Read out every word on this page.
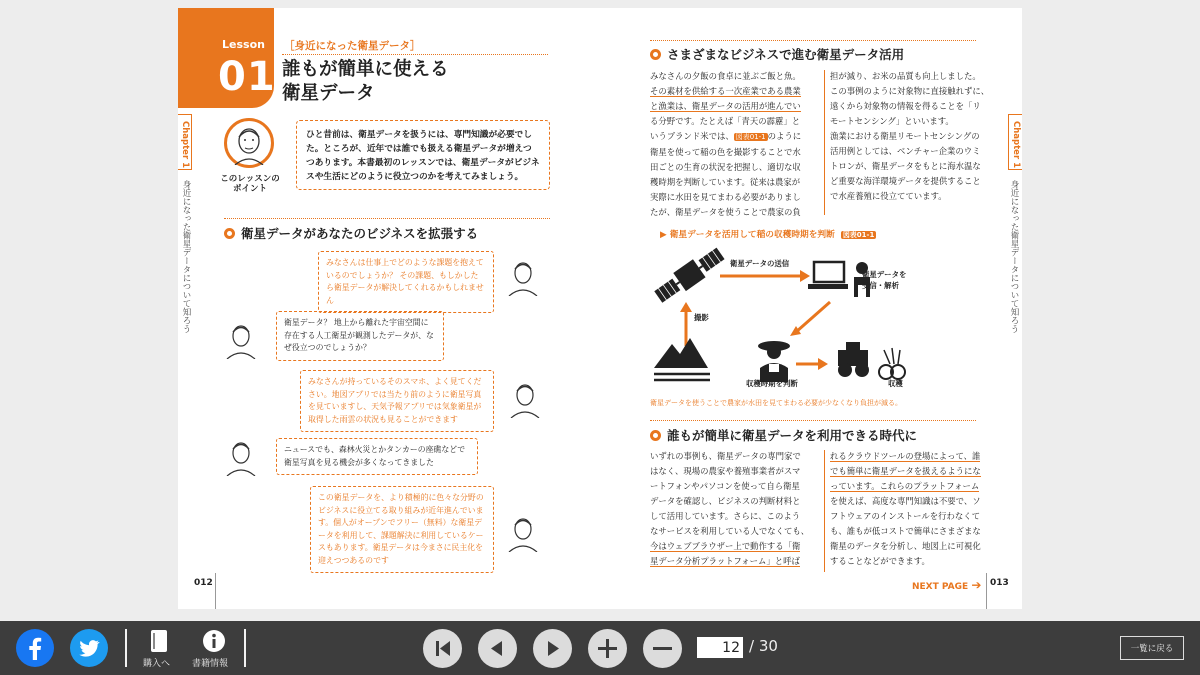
Lesson
01
［身近になった衛星データ］
誰もが簡単に使える
衛星データ
Chapter 1
身近になった衛星データについて知ろう
このレッスンの
ポイント
ひと昔前は、衛星データを扱うには、専門知識が必要でした。ところが、近年では誰でも扱える衛星データが増えつつあります。本書最初のレッスンでは、衛星データがビジネスや生活にどのように役立つのかを考えてみましょう。
衛星データがあなたのビジネスを拡張する
みなさんは仕事上でどのような課題を抱えているのでしょうか？ その課題、もしかしたら衛星データが解決してくれるかもしれません
衛星データ？ 地上から離れた宇宙空間に存在する人工衛星が観測したデータが、なぜ役立つのでしょうか？
みなさんが持っているそのスマホ、よく見てください。地図アプリでは当たり前のように衛星写真を見ていますし、天気予報アプリでは気象衛星が取得した雨雲の状況も見ることができます
ニュースでも、森林火災とかタンカーの座礁などで衛星写真を見る機会が多くなってきました
この衛星データを、より積極的に色々な分野のビジネスに役立てる取り組みが近年進んでいます。個人がオープンでフリー（無料）な衛星データを利用して、課題解決に利用しているケースもあります。衛星データは今まさに民主化を迎えつつあるのです
012
さまざまなビジネスで進む衛星データ活用
みなさんの夕飯の食卓に並ぶご飯と魚。
その素材を供給する一次産業である農業
と漁業は、衛星データの活用が進んでい
る分野です。たとえば「青天の霹靂」と
いうブランド米では、 図表01-1 のように
衛星を使って稲の色を撮影することで水
田ごとの生育の状況を把握し、適切な収
穫時期を判断しています。従来は農家が
実際に水田を見てまわる必要がありまし
たが、衛星データを使うことで農家の負
担が減り、お米の品質も向上しました。
この事例のように対象物に直接触れずに、
遠くから対象物の情報を得ることを「リ
モートセンシング」といいます。
漁業における衛星リモートセンシングの
活用例としては、ベンチャー企業のウミ
トロンが、衛星データをもとに海水温な
ど重要な海洋環境データを提供すること
で水産養殖に役立てています。
▶ 衛星データを活用して稲の収穫時期を判断 図表01-1
衛星データの送信
衛星データを
受信・解析
撮影
収穫時期を判断	収穫
衛星データを使うことで農家が水田を見てまわる必要が少なくなり負担が減る。
誰もが簡単に衛星データを利用できる時代に
いずれの事例も、衛星データの専門家で
はなく、現場の農家や養殖事業者がスマ
ートフォンやパソコンを使って自ら衛星
データを確認し、ビジネスの判断材料と
して活用しています。さらに、このよう
なサービスを利用している人でなくても、
今はウェブブラウザー上で動作する「衛
星データ分析プラットフォーム」と呼ば
れるクラウドツールの登場によって、誰
でも簡単に衛星データを扱えるようにな
っています。これらのプラットフォーム
を使えば、高度な専門知識は不要で、ソ
フトウェアのインストールを行わなくて
も、誰もが低コストで簡単にさまざまな
衛星のデータを分析し、地図上に可視化
することなどができます。
Chapter 1
身近になった衛星データについて知ろう
NEXT PAGE ➔ 013
購入へ 書籍情報
12
/ 30	一覧に戻る
